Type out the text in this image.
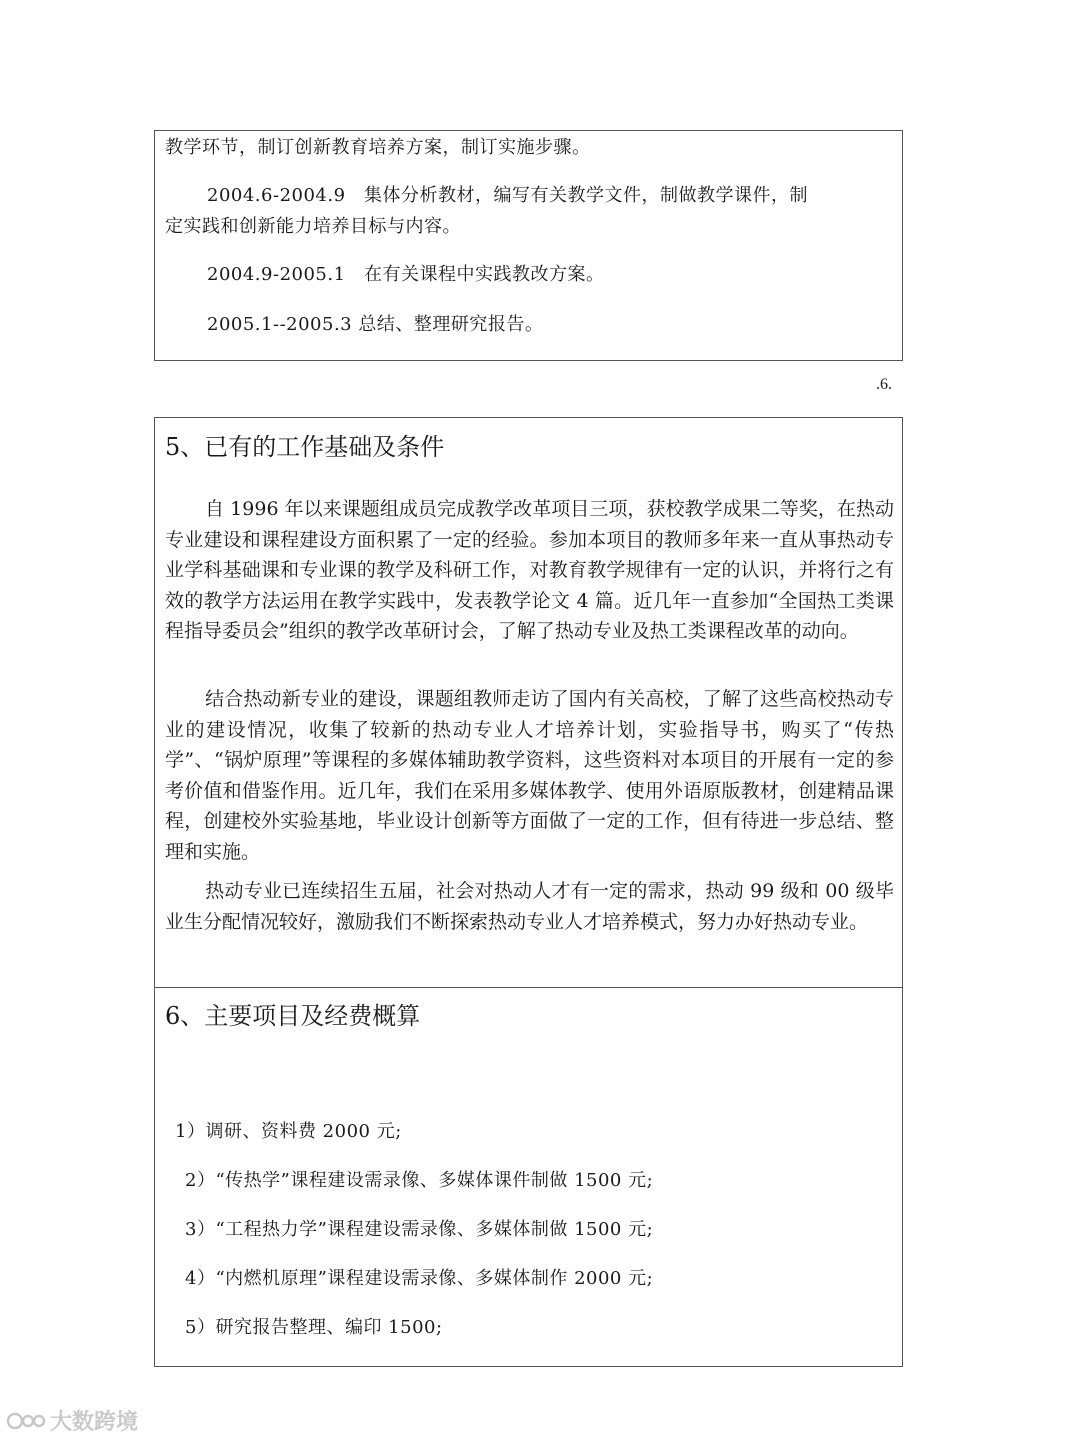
教学环节，制订创新教育培养方案，制订实施步骤。

2004.6-2004.9　集体分析教材，编写有关教学文件，制做教学课件，制

定实践和创新能力培养目标与内容。

2004.9-2005.1　在有关课程中实践教改方案。

2005.1--2005.3 总结、整理研究报告。

.6.
5、已有的工作基础及条件

自 1996 年以来课题组成员完成教学改革项目三项，获校教学成果二等奖，在热动专业建设和课程建设方面积累了一定的经验。参加本项目的教师多年来一直从事热动专业学科基础课和专业课的教学及科研工作，对教育教学规律有一定的认识，并将行之有效的教学方法运用在教学实践中，发表教学论文 4 篇。近几年一直参加“全国热工类课程指导委员会”组织的教学改革研讨会，了解了热动专业及热工类课程改革的动向。

结合热动新专业的建设，课题组教师走访了国内有关高校，了解了这些高校热动专业的建设情况，收集了较新的热动专业人才培养计划，实验指导书，购买了“传热学”、“锅炉原理”等课程的多媒体辅助教学资料，这些资料对本项目的开展有一定的参考价值和借鉴作用。近几年，我们在采用多媒体教学、使用外语原版教材，创建精品课程，创建校外实验基地，毕业设计创新等方面做了一定的工作，但有待进一步总结、整理和实施。

热动专业已连续招生五届，社会对热动人才有一定的需求，热动 99 级和 00 级毕业生分配情况较好，激励我们不断探索热动专业人才培养模式，努力办好热动专业。

6、主要项目及经费概算

1）调研、资料费 2000 元;

2）“传热学”课程建设需录像、多媒体课件制做 1500 元;

3）“工程热力学”课程建设需录像、多媒体制做 1500 元;

4）“内燃机原理”课程建设需录像、多媒体制作 2000 元;

5）研究报告整理、编印 1500;

大数跨境
